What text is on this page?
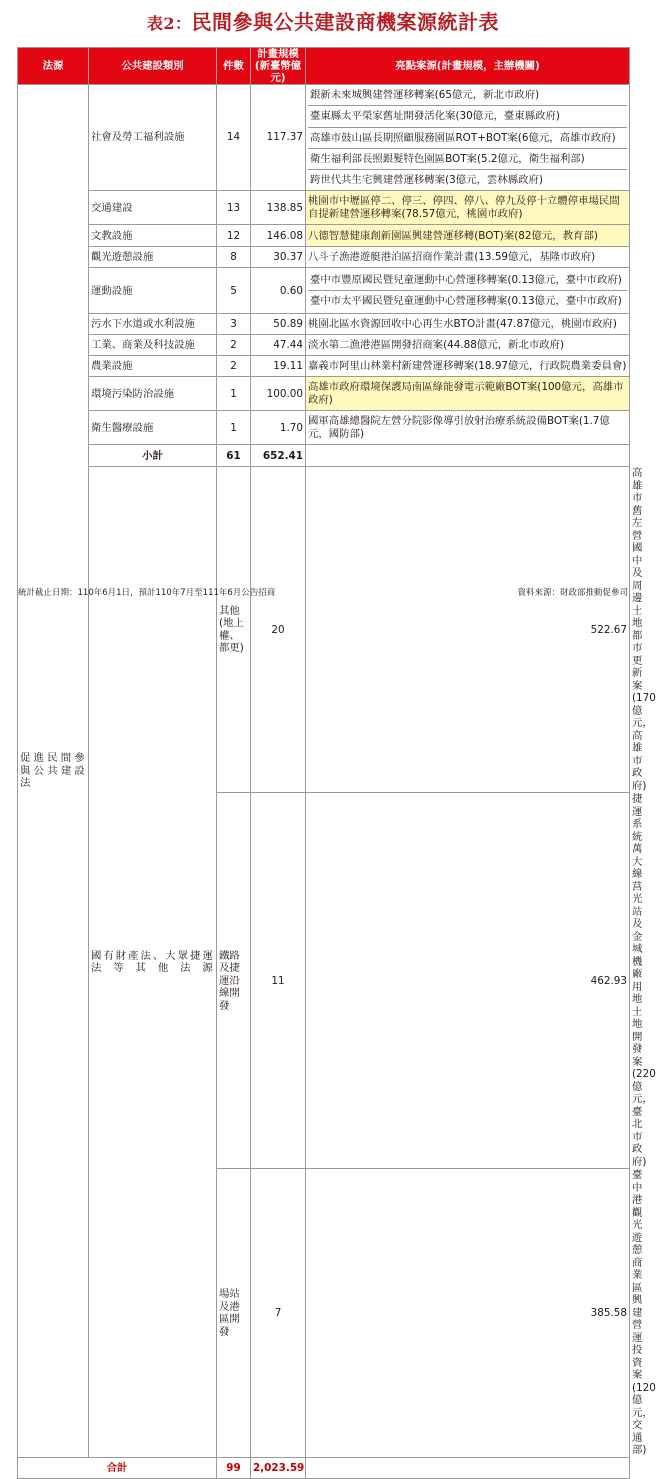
表2：民間參與公共建設商機案源統計表
法源	公共建設類別	件數	計畫規模 (新臺幣億元)	亮點案源(計畫規模，主辦機關)	
促進民間參與公共建設法	社會及勞工福利設施	14	117.37	銀新未來城興建營運移轉案(65億元，新北市政府)
臺東縣太平榮家舊址開發活化案(30億元，臺東縣政府)
高雄市鼓山區長期照顧服務園區ROT+BOT案(6億元，高雄市政府)
衛生福利部長照銀髮特色園區BOT案(5.2億元，衛生福利部)
跨世代共生宅興建營運移轉案(3億元，雲林縣政府)	

	交通建設	13	138.85	桃園市中壢區停二、停三、停四、停八、停九及停十立體停車場民間自提新建營運移轉案(78.57億元，桃園市政府)	
	文教設施	12	146.08	八德智慧健康創新園區興建營運移轉(BOT)案(82億元，教育部)	
	觀光遊憩設施	8	30.37	八斗子漁港遊艇港泊區招商作業計畫(13.59億元，基隆市政府)	
	運動設施	5	0.60	臺中市豐原國民暨兒童運動中心營運移轉案(0.13億元，臺中市政府)
臺中市太平國民暨兒童運動中心營運移轉案(0.13億元，臺中市政府)	

	污水下水道或水利設施	3	50.89	桃園北區水資源回收中心再生水BTO計畫(47.87億元，桃園市政府)	
	工業、商業及科技設施	2	47.44	淡水第二漁港港區開發招商案(44.88億元，新北市政府)	
	農業設施	2	19.11	嘉義市阿里山林業村新建營運移轉案(18.97億元，行政院農業委員會)	
	環境污染防治設施	1	100.00	高雄市政府環境保護局南區綠能發電示範廠BOT案(100億元，高雄市政府)	
	衛生醫療設施	1	1.70	國軍高雄總醫院左營分院影像導引放射治療系統設備BOT案(1.7億元，國防部)	
	小計	61	652.41		
	國有財產法、大眾捷運法等其他法源	其他(地上權、都更)	20	522.67	高雄市舊左營國中及周邊土地都市更新案(170億元，高雄市政府)
		鐵路及捷運沿線開發	11	462.93	捷運系統萬大線莒光站及金城機廠用地土地開發案(220億元，臺北市政府)
		場站及港區開發	7	385.58	臺中港觀光遊憩商業區興建營運投資案(120億元，交通部)
合計		99	2,023.59		
統計截止日期：110年6月1日，預計110年7月至111年6月公告招商	資料來源：財政部推動促參司
